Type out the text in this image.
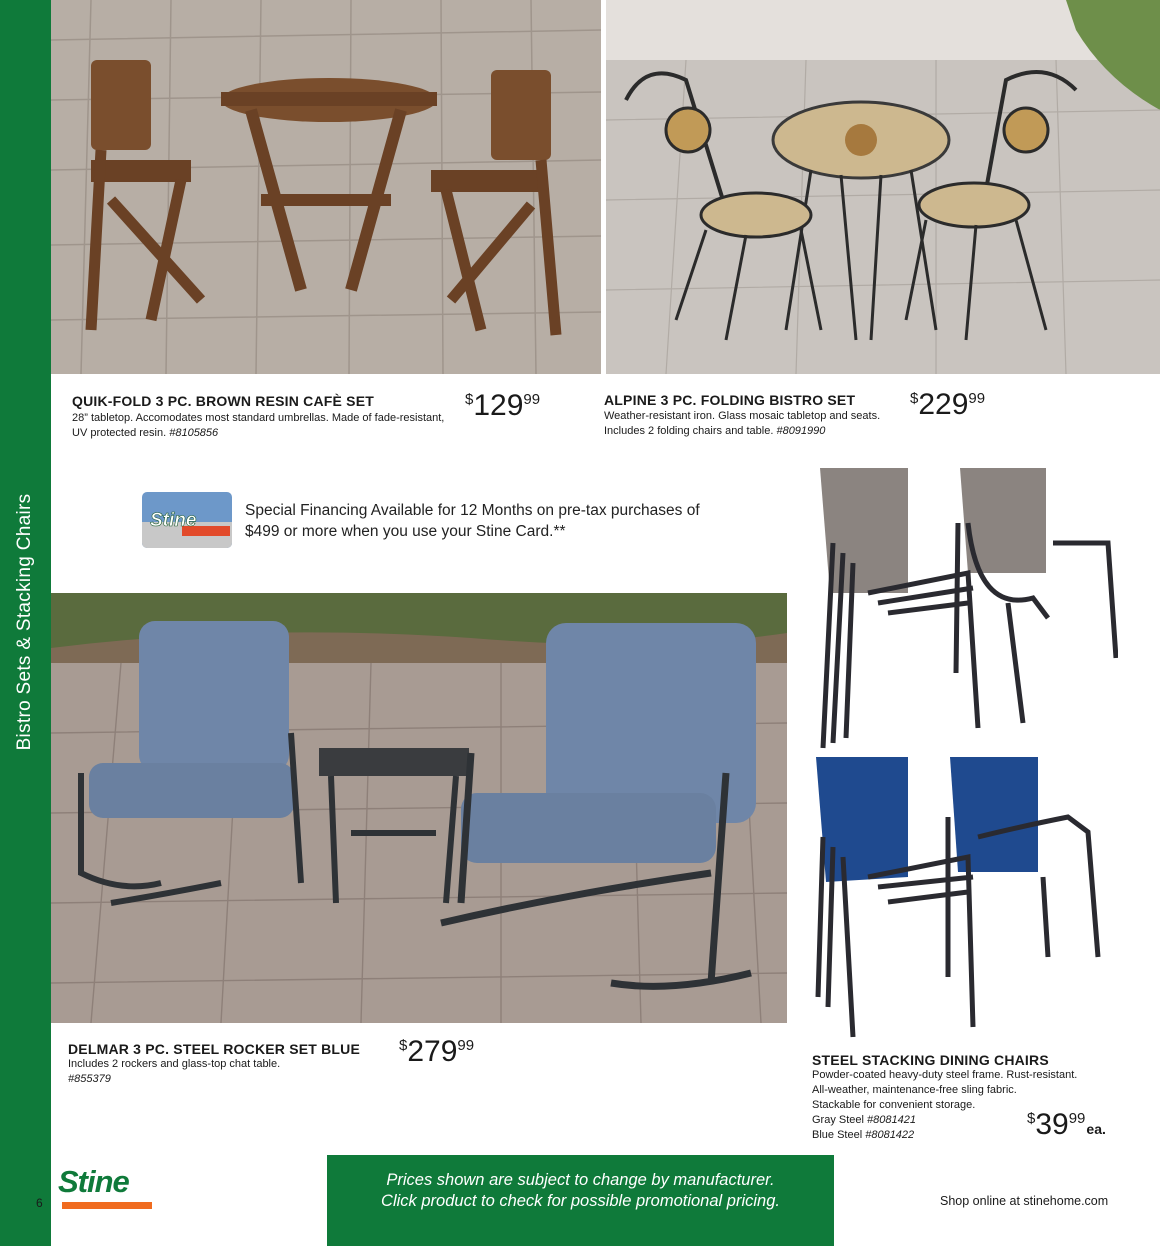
Bistro Sets & Stacking Chairs
6
QUIK-FOLD 3 PC. BROWN RESIN CAFÈ SET
28” tabletop. Accomodates most standard umbrellas. Made of fade-resistant, UV protected resin. #8105856
$12999	ALPINE 3 PC. FOLDING BISTRO SET
Weather-resistant iron. Glass mosaic tabletop and seats.
Includes 2 folding chairs and table. #8091990
$22999
Stine	Special Financing Available for 12 Months on pre-tax purchases of $499 or more when you use your Stine Card.**
DELMAR 3 PC. STEEL ROCKER SET BLUE
Includes 2 rockers and glass-top chat table.
#855379
$27999
STEEL STACKING DINING CHAIRS
Powder-coated heavy-duty steel frame. Rust-resistant.
All-weather, maintenance-free sling fabric.
Stackable for convenient storage.
Gray Steel #8081421
Blue Steel #8081422
$3999ea.
Stine	Prices shown are subject to change by manufacturer.
Click product to check for possible promotional pricing.	Shop online at stinehome.com
